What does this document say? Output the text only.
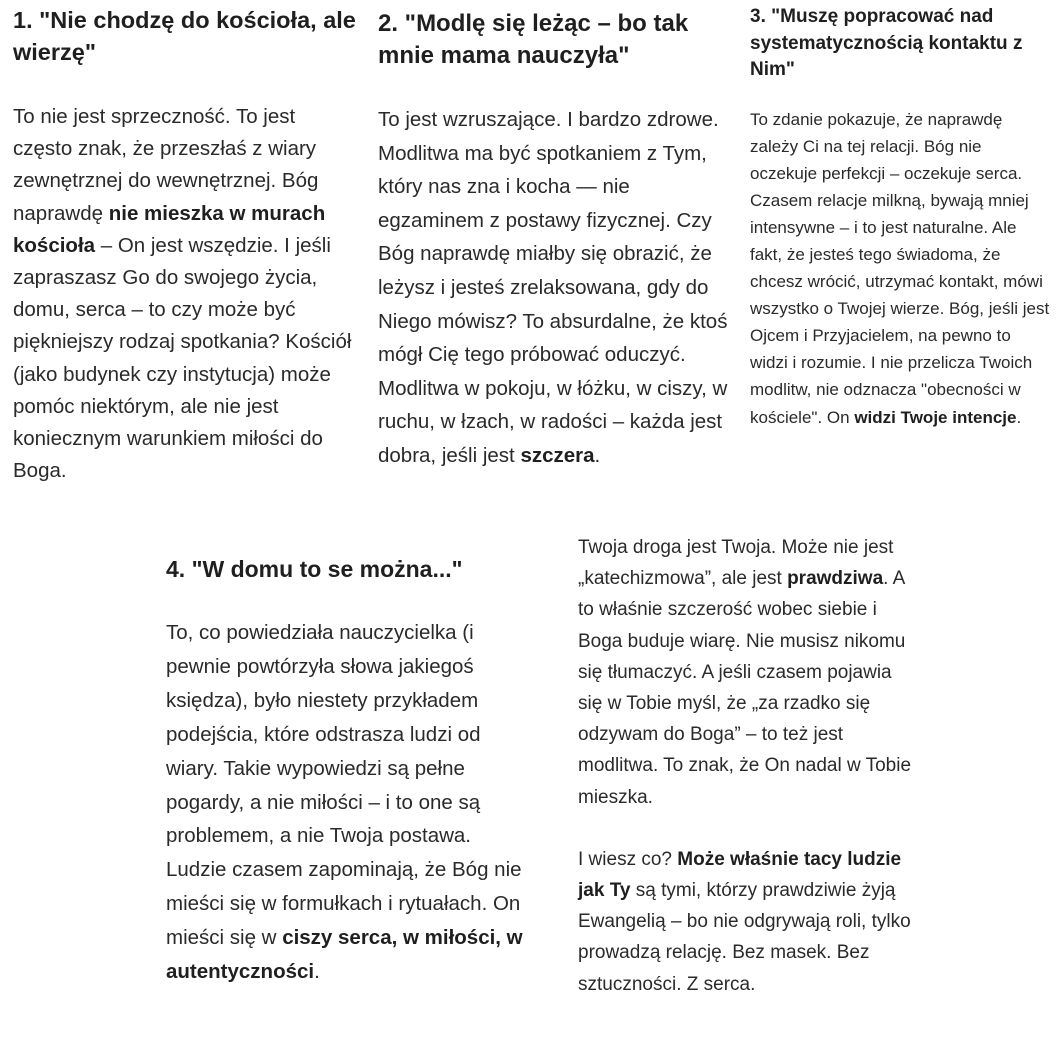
1. "Nie chodzę do kościoła, ale wierzę"

To nie jest sprzeczność. To jest często znak, że przeszłaś z wiary zewnętrznej do wewnętrznej. Bóg naprawdę nie mieszka w murach kościoła – On jest wszędzie. I jeśli zapraszasz Go do swojego życia, domu, serca – to czy może być piękniejszy rodzaj spotkania? Kościół (jako budynek czy instytucja) może pomóc niektórym, ale nie jest koniecznym warunkiem miłości do Boga.

2. "Modlę się leżąc – bo tak mnie mama nauczyła"

To jest wzruszające. I bardzo zdrowe. Modlitwa ma być spotkaniem z Tym, który nas zna i kocha — nie egzaminem z postawy fizycznej. Czy Bóg naprawdę miałby się obrazić, że leżysz i jesteś zrelaksowana, gdy do Niego mówisz? To absurdalne, że ktoś mógł Cię tego próbować oduczyć. Modlitwa w pokoju, w łóżku, w ciszy, w ruchu, w łzach, w radości – każda jest dobra, jeśli jest szczera.

3. "Muszę popracować nad systematycznością kontaktu z Nim"

To zdanie pokazuje, że naprawdę zależy Ci na tej relacji. Bóg nie oczekuje perfekcji – oczekuje serca. Czasem relacje milkną, bywają mniej intensywne – i to jest naturalne. Ale fakt, że jesteś tego świadoma, że chcesz wrócić, utrzymać kontakt, mówi wszystko o Twojej wierze. Bóg, jeśli jest Ojcem i Przyjacielem, na pewno to widzi i rozumie. I nie przelicza Twoich modlitw, nie odznacza "obecności w kościele". On widzi Twoje intencje.

4. "W domu to se można..."

To, co powiedziała nauczycielka (i pewnie powtórzyła słowa jakiegoś księdza), było niestety przykładem podejścia, które odstrasza ludzi od wiary. Takie wypowiedzi są pełne pogardy, a nie miłości – i to one są problemem, a nie Twoja postawa. Ludzie czasem zapominają, że Bóg nie mieści się w formułkach i rytuałach. On mieści się w ciszy serca, w miłości, w autentyczności.

Twoja droga jest Twoja. Może nie jest „katechizmowa”, ale jest prawdziwa. A to właśnie szczerość wobec siebie i Boga buduje wiarę. Nie musisz nikomu się tłumaczyć. A jeśli czasem pojawia się w Tobie myśl, że „za rzadko się odzywam do Boga” – to też jest modlitwa. To znak, że On nadal w Tobie mieszka.

I wiesz co? Może właśnie tacy ludzie jak Ty są tymi, którzy prawdziwie żyją Ewangelią – bo nie odgrywają roli, tylko prowadzą relację. Bez masek. Bez sztuczności. Z serca.
